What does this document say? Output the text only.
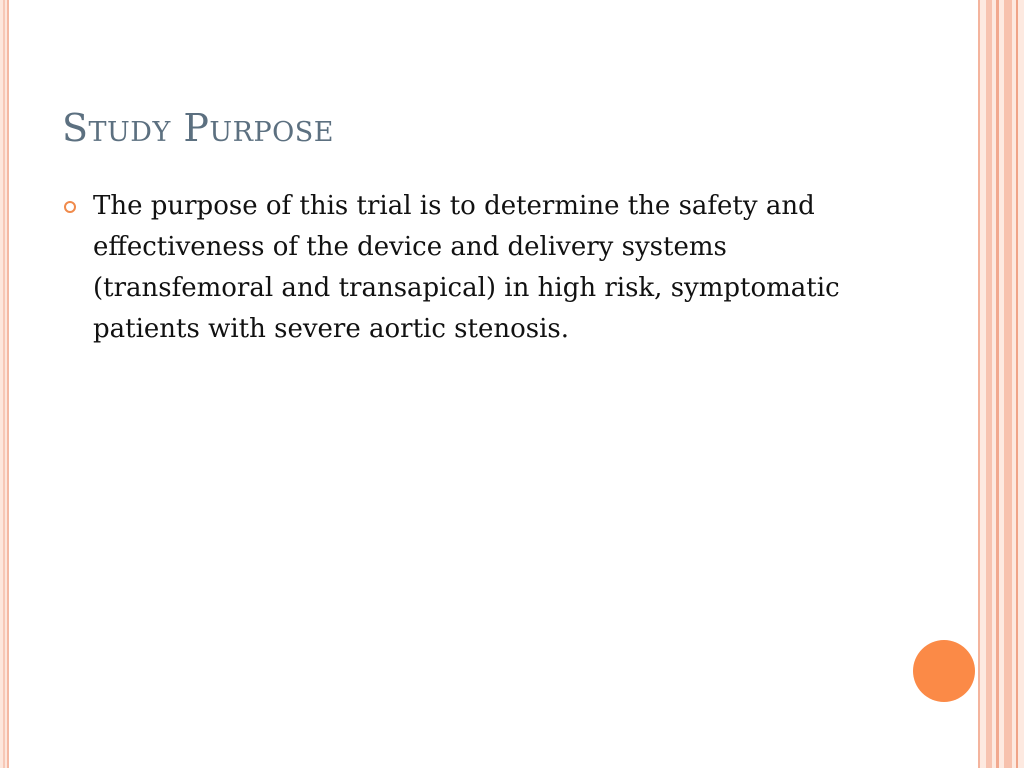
Study Purpose
The purpose of this trial is to determine the safety and effectiveness of the device and delivery systems (transfemoral and transapical) in high risk, symptomatic patients with severe aortic stenosis.
